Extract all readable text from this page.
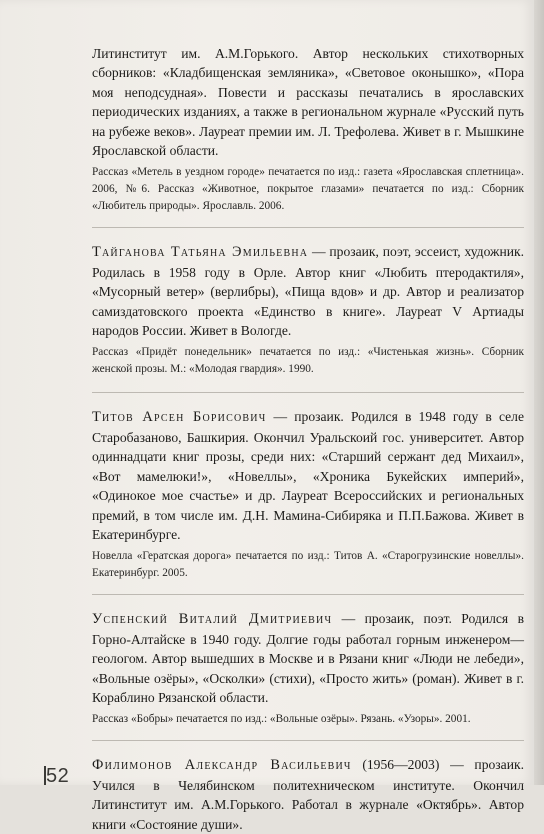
Литинститут им. А.М.Горького. Автор нескольких стихотворных сборников: «Кладбищенская земляника», «Световое оконышко», «Пора моя неподсудная». Повести и рассказы печатались в ярославских периодических изданиях, а также в региональном журнале «Русский путь на рубеже веков». Лауреат премии им. Л. Трефолева. Живет в г. Мышкине Ярославской области.

Рассказ «Метель в уездном городе» печатается по изд.: газета «Ярославская сплетница». 2006, №6. Рассказ «Животное, покрытое глазами» печатается по изд.: Сборник «Любитель природы». Ярославль. 2006.

Тайганова Татьяна Эмильевна — прозаик, поэт, эссеист, художник. Родилась в 1958 году в Орле. Автор книг «Любить птеродактиля», «Мусорный ветер» (верлибры), «Пища вдов» и др. Автор и реализатор самиздатовского проекта «Единство в книге». Лауреат V Артиады народов России. Живет в Вологде.

Рассказ «Придёт понедельник» печатается по изд.: «Чистенькая жизнь». Сборник женской прозы. М.: «Молодая гвардия». 1990.

Титов Арсен Борисович — прозаик. Родился в 1948 году в селе Старобазаново, Башкирия. Окончил Уральскоий гос. университет. Автор одиннадцати книг прозы, среди них: «Старший сержант дед Михаил», «Вот мамелюки!», «Новеллы», «Хроника Букейских империй», «Одинокое мое счастье» и др. Лауреат Всероссийских и региональных премий, в том числе им. Д.Н. Мамина-Сибиряка и П.П.Бажова. Живет в Екатеринбурге.

Новелла «Гератская дорога» печатается по изд.: Титов А. «Старогрузинские новеллы». Екатеринбург. 2005.

Успенский Виталий Дмитриевич — прозаик, поэт. Родился в Горно-Алтайске в 1940 году. Долгие годы работал горным инженером—геологом. Автор вышедших в Москве и в Рязани книг «Люди не лебеди», «Вольные озёры», «Осколки» (стихи), «Просто жить» (роман). Живет в г. Кораблино Рязанской области.

Рассказ «Бобры» печатается по изд.: «Вольные озёры». Рязань. «Узоры». 2001.

Филимонов Александр Васильевич (1956—2003) — прозаик. Учился в Челябинском политехническом институте. Окончил Литинститут им. А.М.Горького. Работал в журнале «Октябрь». Автор книги «Состояние души».

52
